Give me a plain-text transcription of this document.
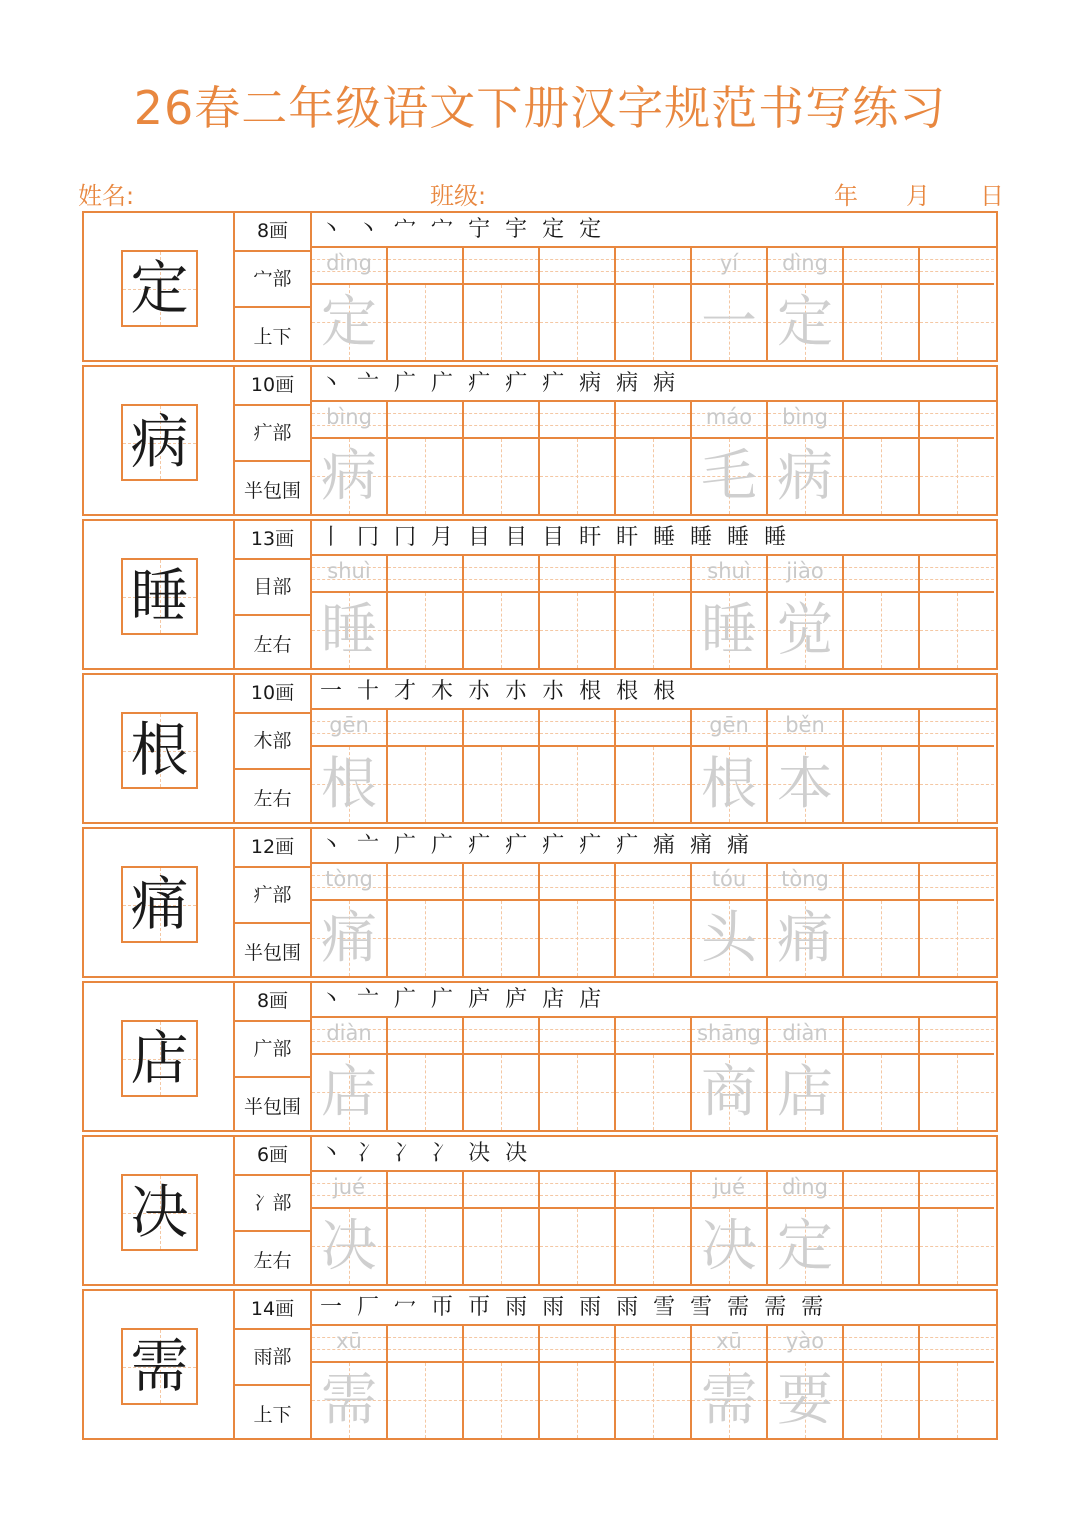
26春二年级语文下册汉字规范书写练习
姓名:	班级:	年 月 日
定
8画
宀部
上下
丶 丶 宀 宀 宁 宇 定 定
dìng
定
yí
一
dìng
定
病
10画
疒部
半包围
丶 亠 广 广 疒 疒 疒 病 病 病
bìng
病
máo
毛
bìng
病
睡
13画
目部
左右
丨 冂 冂 月 目 目 目 盰 盰 睡 睡 睡 睡
shuì
睡
shuì
睡
jiào
觉
根
10画
木部
左右
一 十 才 木 朩 朩 朩 根 根 根
gēn
根
gēn
根
běn
本
痛
12画
疒部
半包围
丶 亠 广 广 疒 疒 疒 疒 疒 痛 痛 痛
tòng
痛
tóu
头
tòng
痛
店
8画
广部
半包围
丶 亠 广 广 庐 庐 店 店
diàn
店
shāng
商
diàn
店
决
6画
冫部
左右
丶 冫 冫 冫 决 决
jué
决
jué
决
dìng
定
需
14画
雨部
上下
一 厂 冖 帀 帀 雨 雨 雨 雨 雪 雪 需 需 需
xū
需
xū
需
yào
要
